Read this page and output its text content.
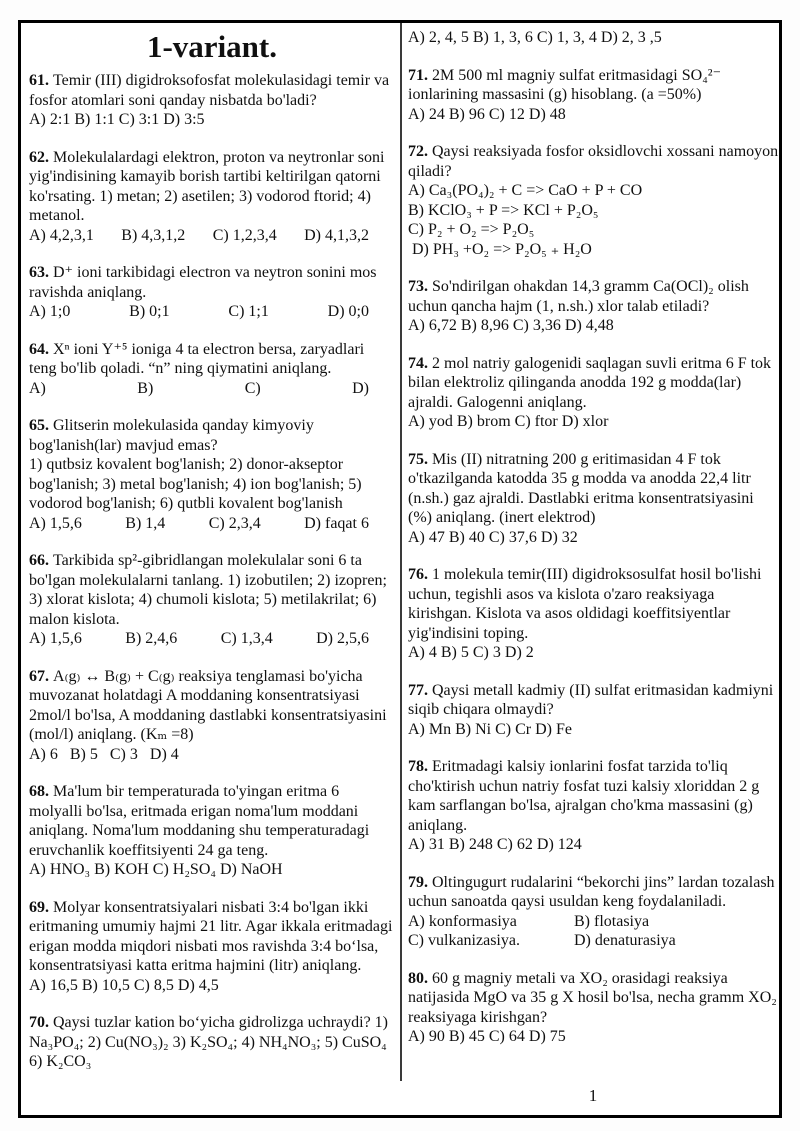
1-variant.

61. Temir (III) digidroksofosfat molekulasidagi temir va fosfor atomlari soni qanday nisbatda bo'ladi?

A) 2:1 B) 1:1 C) 3:1 D) 3:5

62. Molekulalardagi elektron, proton va neytronlar soni yig'indisining kamayib borish tartibi keltirilgan qatorni ko'rsating. 1) metan; 2) asetilen; 3) vodorod ftorid; 4) metanol.

A) 4,2,3,1 B) 4,3,1,2 C) 1,2,3,4 D) 4,1,3,2

63. D⁺ ioni tarkibidagi electron va neytron sonini mos ravishda aniqlang.

A) 1;0	B) 0;1	C) 1;1	D) 0;0

64. Xⁿ ioni Y⁺⁵ ioniga 4 ta electron bersa, zaryadlari teng bo'lib qoladi. “n” ning qiymatini aniqlang.

A)	B)	C)	D)

65. Glitserin molekulasida qanday kimyoviy bog'lanish(lar) mavjud emas?

1) qutbsiz kovalent bog'lanish; 2) donor-akseptor bog'lanish; 3) metal bog'lanish; 4) ion bog'lanish; 5) vodorod bog'lanish; 6) qutbli kovalent bog'lanish

A) 1,5,6	B) 1,4	C) 2,3,4	D) faqat 6

66. Tarkibida sp²-gibridlangan molekulalar soni 6 ta bo'lgan molekulalarni tanlang. 1) izobutilen; 2) izopren; 3) xlorat kislota; 4) chumoli kislota; 5) metilakrilat; 6) malon kislota.

A) 1,5,6	B) 2,4,6	C) 1,3,4	D) 2,5,6

67. A₍g₎ ↔ B₍g₎ + C₍g₎ reaksiya tenglamasi bo'yicha muvozanat holatdagi A moddaning konsentratsiyasi 2mol/l bo'lsa, A moddaning dastlabki konsentratsiyasini (mol/l) aniqlang. (Kₘ =8)

A) 6   B) 5   C) 3   D) 4

68. Ma'lum bir temperaturada to'yingan eritma 6 molyalli bo'lsa, eritmada erigan noma'lum moddani aniqlang. Noma'lum moddaning shu temperaturadagi eruvchanlik koeffitsiyenti 24 ga teng.

A) HNO₃ B) KOH C) H₂SO₄ D) NaOH

69. Molyar konsentratsiyalari nisbati 3:4 bo'lgan ikki eritmaning umumiy hajmi 21 litr. Agar ikkala eritmadagi erigan modda miqdori nisbati mos ravishda 3:4 boʻlsa, konsentratsiyasi katta eritma hajmini (litr) aniqlang.

A) 16,5 B) 10,5 C) 8,5 D) 4,5

70. Qaysi tuzlar kation boʻyicha gidrolizga uchraydi? 1) Na₃PO₄; 2) Cu(NO₃)₂ 3) K₂SO₄; 4) NH₄NO₃; 5) CuSO₄ 6) K₂CO₃

A) 2, 4, 5 B) 1, 3, 6 C) 1, 3, 4 D) 2, 3 ,5

71. 2M 500 ml magniy sulfat eritmasidagi SO₄²⁻ ionlarining massasini (g) hisoblang. (a =50%)

A) 24 B) 96 C) 12 D) 48

72. Qaysi reaksiyada fosfor oksidlovchi xossani namoyon qiladi?

A) Ca₃(PO₄)₂ + C => CaO + P + CO

B) KClO₃ + P => KCl + P₂O₅

C) P₂ + O₂ => P₂O₅

D) PH₃ +O₂ => P₂O₅ ₊ H₂O

73. So'ndirilgan ohakdan 14,3 gramm Ca(OCl)₂ olish uchun qancha hajm (1, n.sh.) xlor talab etiladi?

A) 6,72 B) 8,96 C) 3,36 D) 4,48

74. 2 mol natriy galogenidi saqlagan suvli eritma 6 F tok bilan elektroliz qilinganda anodda 192 g modda(lar) ajraldi. Galogenni aniqlang.

A) yod B) brom C) ftor D) xlor

75. Mis (II) nitratning 200 g eritimasidan 4 F tok o'tkazilganda katodda 35 g modda va anodda 22,4 litr (n.sh.) gaz ajraldi. Dastlabki eritma konsentratsiyasini (%) aniqlang. (inert elektrod)

A) 47 B) 40 C) 37,6 D) 32

76. 1 molekula temir(III) digidroksosulfat hosil bo'lishi uchun, tegishli asos va kislota o'zaro reaksiyaga kirishgan. Kislota va asos oldidagi koeffitsiyentlar yig'indisini toping.

A) 4 B) 5 C) 3 D) 2

77. Qaysi metall kadmiy (II) sulfat eritmasidan kadmiyni siqib chiqara olmaydi?

A) Mn B) Ni C) Cr D) Fe

78. Eritmadagi kalsiy ionlarini fosfat tarzida to'liq cho'ktirish uchun natriy fosfat tuzi kalsiy xloriddan 2 g kam sarflangan bo'lsa, ajralgan cho'kma massasini (g) aniqlang.

A) 31 B) 248 C) 62 D) 124

79. Oltingugurt rudalarini “bekorchi jins” lardan tozalash uchun sanoatda qaysi usuldan keng foydalaniladi.

A) konformasiya	B) flotasiya
C) vulkanizasiya.	D) denaturasiya

80. 60 g magniy metali va XO₂ orasidagi reaksiya natijasida MgO va 35 g X hosil bo'lsa, necha gramm XO₂ reaksiyaga kirishgan?

A) 90 B) 45 C) 64 D) 75

1
